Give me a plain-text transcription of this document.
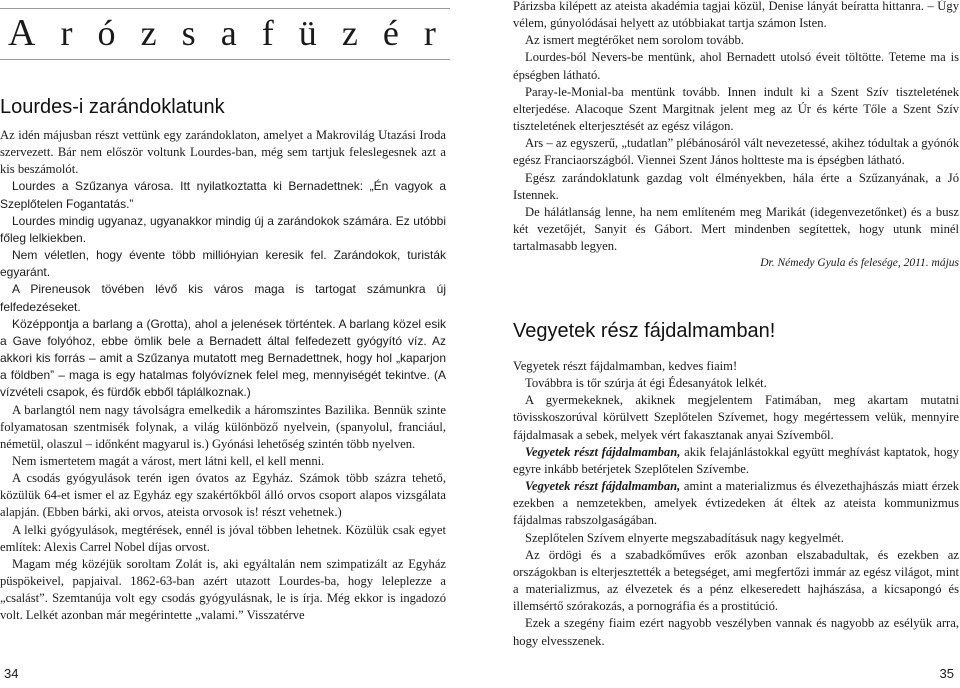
A r ó z s a f ü z é r
Lourdes-i zarándoklatunk

Az idén májusban részt vettünk egy zarándoklaton, amelyet a Makrovilág Utazási Iroda szervezett. Bár nem először voltunk Lourdes-ban, még sem tartjuk feleslegesnek azt a kis beszámolót.

Lourdes a Szűzanya városa. Itt nyilatkoztatta ki Bernadettnek: „Én vagyok a Szeplőtelen Fogantatás.”

Lourdes mindig ugyanaz, ugyanakkor mindig új a zarándokok számára. Ez utóbbi főleg lelkiekben.

Nem véletlen, hogy évente több millióнyian keresik fel. Zarándokok, turisták egyaránt.

A Pireneusok tövében lévő kis város maga is tartogat számunkra új felfedezéseket.

Középpontja a barlang a (Grotta), ahol a jelenések történtek. A barlang közel esik a Gave folyóhoz, ebbe ömlik bele a Bernadett által felfedezett gyógyító víz. Az akkori kis forrás – amit a Szűzanya mutatott meg Bernadettnek, hogy hol „kaparjon a földben” – maga is egy hatalmas folyóvíznek felel meg, mennyiségét tekintve. (A vízvételi csapok, és fürdők ebből táplálkoznak.)

A barlangtól nem nagy távolságra emelkedik a háromszintes Bazilika. Bennük szinte folyamatosan szentmisék folynak, a világ különböző nyelvein, (spanyolul, franciául, németül, olaszul – időnként magyarul is.) Gyónási lehetőség szintén több nyelven.

Nem ismertetem magát a várost, mert látni kell, el kell menni.

A csodás gyógyulások terén igen óvatos az Egyház. Számok több százra tehető, közülük 64-et ismer el az Egyház egy szakértőkből álló orvos csoport alapos vizsgálata alapján. (Ebben bárki, aki orvos, ateista orvosok is! részt vehetnek.)

A lelki gyógyulások, megtérések, ennél is jóval többen lehetnek. Közülük csak egyet említek: Alexis Carrel Nobel díjas orvost.

Magam még közéjük soroltam Zolát is, aki egyáltalán nem szimpatizált az Egyház püspökeivel, papjaival. 1862-63-ban azért utazott Lourdes-ba, hogy leleplezze a „csalást”. Szemtanúja volt egy csodás gyógyulásnak, le is írja. Még ekkor is ingadozó volt. Lelkét azonban már megérintette „valami.” Visszatérve

Párizsba kilépett az ateista akadémia tagjai közül, Denise lányát beíratta hittanra. – Úgy vélem, gúnyolódásai helyett az utóbbiakat tartja számon Isten.

Az ismert megtérőket nem sorolom tovább.

Lourdes-ból Nevers-be mentünk, ahol Bernadett utolsó éveit töltötte. Teteme ma is épségben látható.

Paray-le-Monial-ba mentünk tovább. Innen indult ki a Szent Szív tiszteletének elterjedése. Alacoque Szent Margitnak jelent meg az Úr és kérte Tőle a Szent Szív tiszteletének elterjesztését az egész világon.

Ars – az egyszerű, „tudatlan” plébánosáról vált nevezetessé, akihez tódultak a gyónók egész Franciaországból. Viennei Szent János holtteste ma is épségben látható.

Egész zarándoklatunk gazdag volt élményekben, hála érte a Szűzanyának, a Jó Istennek.

De hálátlanság lenne, ha nem említeném meg Marikát (idegenvezetőnket) és a busz két vezetőjét, Sanyit és Gábort. Mert mindenben segítettek, hogy utunk minél tartalmasabb legyen.

Dr. Némedy Gyula és felesége, 2011. május

Vegyetek rész fájdalmamban!

Vegyetek részt fájdalmamban, kedves fiaim!

Továbbra is tőr szúrja át égi Édesanyátok lelkét.

A gyermekeknek, akiknek megjelentem Fatimában, meg akartam mutatni tövisskoszorúval körülvett Szeplőtelen Szívemet, hogy megértessem velük, mennyire fájdalmasak a sebek, melyek vért fakasztanak anyai Szívemből.

Vegyetek részt fájdalmamban, akik felajánlástokkal együtt meghívást kaptatok, hogy egyre inkább betérjetek Szeplőtelen Szívembe.

Vegyetek részt fájdalmamban, amint a materializmus és élvezethajhászás miatt érzek ezekben a nemzetekben, amelyek évtizedeken át éltek az ateista kommunizmus fájdalmas rabszolgaságában.

Szeplőtelen Szívem elnyerte megszabadításuk nagy kegyelmét.

Az ördögi és a szabadkőműves erők azonban elszabadultak, és ezekben az országokban is elterjesztették a betegséget, ami megfertőzi immár az egész világot, mint a materializmus, az élvezetek és a pénz elkeseredett hajhászása, a kicsapongó és illemsértő szórakozás, a pornográfia és a prostitúció.

Ezek a szegény fiaim ezért nagyobb veszélyben vannak és nagyobb az esélyük arra, hogy elvesszenek.

34	35
